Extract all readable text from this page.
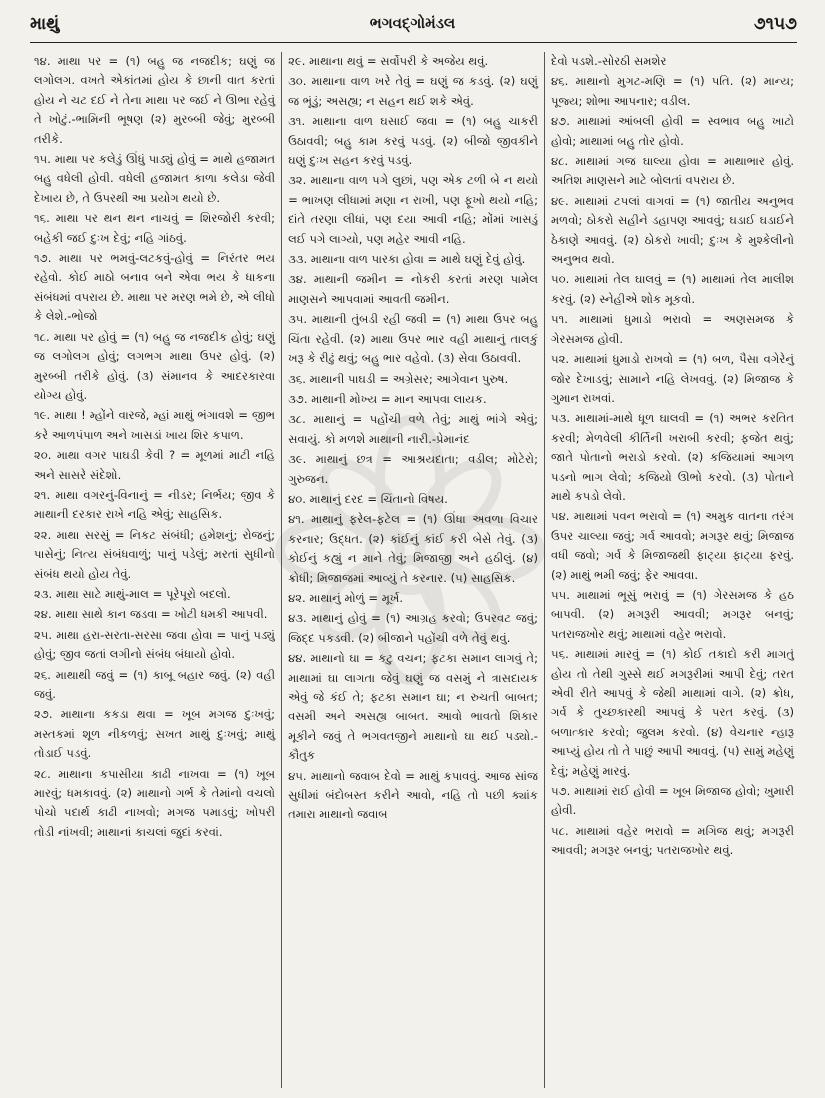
માથું	ભગવદ્ગોમંડલ	૭૧૫૭

૧૪. માથા પર = (૧) બહુ જ નજદીક; ઘણું જ લગોલગ. વખતે એકાંતમાં હોય કે છાની વાત કરતાં હોય ને ચટ દઈ ને તેના માથા પર જઈ ને ઊભા રહેવું તે ખોટું.-ભામિની ભૂષણ (૨) મુરબ્બી જેવું; મુરબ્બી તરીકે.

૧૫. માથા પર કલેડું ઊંધું પાડ્યું હોવું = માથે હજામત બહુ વધેલી હોવી. વધેલી હજામત કાળા કલેડા જેવી દેખાય છે, તે ઉપરથી આ પ્રયોગ થયો છે.

૧૬. માથા પર થન થન નાચવું = શિરજોરી કરવી; બહેકી જઈ દુઃખ દેવું; નહિ ગાંઠવું.

૧૭. માથા પર ભમવું-લટકવું-હોવું = નિરંતર ભય રહેવો. કોઈ માઠો બનાવ બને એવા ભય કે ધાકના સંબંધમાં વપરાય છે. માથા પર મરણ ભમે છે, એ લીધો કે લેશે.-ભોજો

૧૮. માથા પર હોવું = (૧) બહુ જ નજદીક હોવું; ઘણું જ લગોલગ હોવું; લગભગ માથા ઉપર હોવું. (૨) મુરબ્બી તરીકે હોવું. (૩) સંમાનવ કે આદરકારવા યોગ્ય હોવું.

૧૯. માથા ! મ્હોંને વારજે, મ્હાં માથું ભંગાવશે = જીભ કરે આળપંપાળ અને ખાસડાં ખાય શિર કપાળ.

૨૦. માથા વગર પાઘડી કેવી ? = મૂળમાં માટી નહિ અને સાસરે સંદેશો.

૨૧. માથા વગરનું-વિનાનું = નીડર; નિર્ભય; જીવ કે માથાની દરકાર રાખે નહિ એવું; સાહસિક.

૨૨. માથા સરસું = નિકટ સંબંધી; હમેશનું; રોજનું; પાસેનું; નિત્ય સંબંધવાળું; પાનું પડેલું; મરતાં સુધીનો સંબંધ થયો હોય તેવું.

૨૩. માથા સાટે માથું-માલ = પૂરેપૂરો બદલો.

૨૪. માથા સાથે કાન જડવા = ખોટી ધમકી આપવી.

૨૫. માથા હરા-સરતા-સરસા જવા હોવા = પાનું પડ્યું હોવું; જીવ જતાં લગીનો સંબંધ બંધાયો હોવો.

૨૬. માથાથી જવું = (૧) કાબૂ બહાર જવું. (૨) વહી જવું.

૨૭. માથાના કકડા થવા = ખૂબ મગજ દુઃખવું; મસ્તકમાં શૂળ નીકળવું; સખત માથું દુઃખવું; માથું તોડાઈ પડવું.

૨૮. માથાના કપાસીયા કાઢી નાખવા = (૧) ખૂબ મારવું; ધમકાવવું. (૨) માથાનો ગર્ભ કે તેમાંનો વચલો પોચો પદાર્થ કાઢી નાખવો; મગજ પમાડવું; ખોપરી તોડી નાંખવી; માથાનાં કાચલાં જુદાં કરવાં.

૨૯. માથાના થવું = સર્વોપરી કે અજેય થવું.

૩૦. માથાના વાળ ખરે તેવું = ઘણું જ કડવું. (૨) ઘણું જ ભૂંડું; અસહ્ય; ન સહન થઈ શકે એવું.

૩૧. માથાના વાળ ઘસાઈ જવા = (૧) બહુ ચાકરી ઉઠાવવી; બહુ કામ કરવું પડવું. (૨) બીજો જીવકીને ઘણું દુઃખ સહન કરવું પડવું.

૩૨. માથાના વાળ પગે લુછાં, પણ એક ટળી બે ન થયો = ભાખણ લીધામાં મણા ન રાખી, પણ ફૂખો થયો નહિ; દાંતે તરણા લીધાં, પણ દયા આવી નહિ; મોંમાં ખાસડું લઈ પગે લાગ્યો, પણ મહેર આવી નહિ.

૩૩. માથાના વાળ પારકા હોવા = માથે ઘણું દેવું હોવું.

૩૪. માથાની જમીન = નોકરી કરતાં મરણ પામેલ માણસને આપવામાં આવતી જમીન.

૩૫. માથાની તુંબડી રહી જવી = (૧) માથા ઉપર બહુ ચિંતા રહેવી. (૨) માથા ઉપર ભાર વહી માથાનું તાલકું ખરૂ કે રીઢું થવું; બહુ ભાર વહેવો. (૩) સેવા ઉઠાવવી.

૩૬. માથાની પાઘડી = અગ્રેસર; આગેવાન પુરુષ.

૩૭. માથાની મોખ્ય = માન આપવા લાયક.

૩૮. માથાનું = પહોંચી વળે તેવું; માથું ભાંગે એવું; સવાયું. કો મળશે માથાની નારી.-પ્રેમાનંદ

૩૯. માથાનું છત્ર = આશ્રયદાતા; વડીલ; મોટેરો; ગુરુજન.

૪૦. માથાનું દરદ = ચિંતાનો વિષય.

૪૧. માથાનું ફરેલ-ફટેલ = (૧) ઊંધા અવળા વિચાર કરનાર; ઉદ્ધત. (૨) કાંઈનું કાંઈ કરી બેસે તેવું. (૩) કોઈનું કહ્યું ન માને તેવું; મિજાજી અને હઠીલું. (૪) ક્રોધી; મિજાજમાં આવ્યું તે કરનાર. (૫) સાહસિક.

૪૨. માથાનું મોળું = મૂર્ખ.

૪૩. માથાનું હોવું = (૧) આગ્રહ કરવો; ઉપરવટ જવું; જિદ્દ પકડવી. (૨) બીજાને પહોંચી વળે તેવું થવું.

૪૪. માથાનો ઘા = કટુ વચન; ફટકા સમાન લાગવું તે; માથામાં ઘા લાગતા જેવું ઘણું જ વસમું ને ત્રાસદાયક એવું જે કંઈ તે; ફટકા સમાન ઘા; ન રુચતી બાબત; વસમી અને અસહ્ય બાબત. આવો ભાવતો શિકાર મૂકીને જવું તે ભગવતજીને માથાનો ઘા થઈ પડ્યો.-કૌતુક

૪૫. માથાનો જવાબ દેવો = માથું કપાવવું. આજ સાંજ સુધીમાં બંદોબસ્ત કરીને આવો, નહિ તો પછી ક્યાંક તમારા માથાનો જવાબ

દેવો પડશે.-સોરઠી સમશેર

૪૬. માથાનો મુગટ-મણિ = (૧) પતિ. (૨) માન્ય; પૂજ્ય; શોભા આપનાર; વડીલ.

૪૭. માથામાં આંબલી હોવી = સ્વભાવ બહુ ખાટો હોવો; માથામાં બહુ તોર હોવો.

૪૮. માથામાં ગજ ઘાલ્યા હોવા = માથાભાર હોવું. અતિશ માણસને માટે બોલતાં વપરાય છે.

૪૯. માથામાં ટપલાં વાગવાં = (૧) જાતીય અનુભવ મળવો; ઠોકરો સહીને ડહાપણ આવવું; ઘડાઈ ઘડાઈને ઠેકાણે આવવું. (૨) ઠોકરો ખાવી; દુઃખ કે મુશ્કેલીનો અનુભવ થવો.

૫૦. માથામાં તેલ ઘાલવું = (૧) માથામાં તેલ માલીશ કરવું. (૨) સ્નેહીએ શોક મૂકવો.

૫૧. માથામાં ધુમાડો ભરાવો = અણસમજ કે ગેરસમજ હોવી.

૫૨. માથામાં ધુમાડો રાખવો = (૧) બળ, પૈસા વગેરેનું જોર દેખાડવું; સામાને નહિ લેખવવું. (૨) મિજાજ કે ગુમાન રાખવાં.

૫૩. માથામાં-માથે ધૂળ ઘાલવી = (૧) અભર કરતિત કરવી; મેળવેલી કીર્તિની ખરાબી કરવી; ફજેત થવું; જાતે પોતાનો ભરાડો કરવો. (૨) કજિયામાં આગળ પડનો ભાગ લેવો; કજિયો ઊભો કરવો. (૩) પોતાને માથે કપડો લેવો.

૫૪. માથામાં પવન ભરાવો = (૧) અમુક વાતના તરંગ ઉપર ચાલ્યા જવું; ગર્વ આવવો; મગરૂર થવું; મિજાજ વધી જવો; ગર્વ કે મિજાજથી ફાટ્યા ફાટ્યા ફરવું. (૨) માથું ભમી જવું; ફેર આવવા.

૫૫. માથામાં ભૂસું ભરાવું = (૧) ગેરસમજ કે હઠ બાપવી. (૨) મગરૂરી આવવી; મગરૂર બનવું; પતરાજખોર થવું; માથામાં વહેર ભરાવો.

૫૬. માથામાં મારવું = (૧) કોઈ તકાદો કરી માગતું હોય તો તેથી ગુસ્સે થઈ મગરૂરીમાં આપી દેવું; તરત એવી રીતે આપવું કે જેથી માથામાં વાગે. (૨) ક્રોધ, ગર્વ કે તુચ્છકારથી આપવું કે પરત કરવું. (૩) બળાત્કાર કરવો; જુલમ કરવો. (૪) વેચનાર ન્હારૂ આપ્યું હોય તો તે પાછું આપી આવવું. (૫) સામું મહેણું દેવું; મહેણું મારવું.

૫૭. માથામાં રાઈ હોવી = ખૂબ મિજાજ હોવો; ખુમારી હોવી.

૫૮. માથામાં વહેર ભરાવો = મગિજ થવું; મગરૂરી આવવી; મગરૂર બનવું; પતરાજખોર થવું.
